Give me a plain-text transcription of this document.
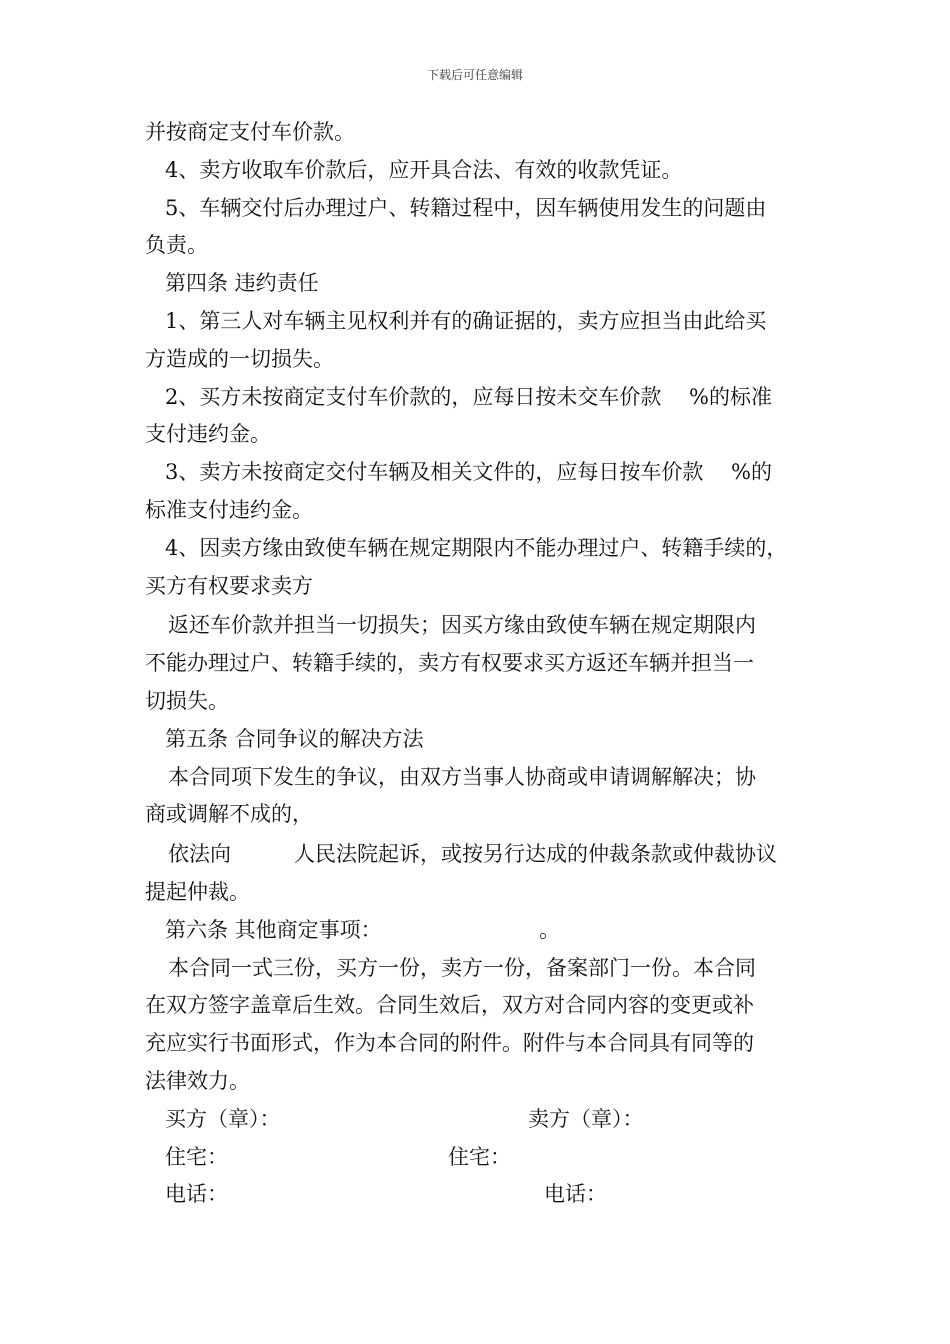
下载后可任意编辑
并按商定支付车价款。
4、卖方收取车价款后，应开具合法、有效的收款凭证。
5、车辆交付后办理过户、转籍过程中，因车辆使用发生的问题由
负责。
第四条 违约责任
1、第三人对车辆主见权利并有的确证据的，卖方应担当由此给买
方造成的一切损失。
2、买方未按商定支付车价款的，应每日按未交车价款　 %的标准
支付违约金。
3、卖方未按商定交付车辆及相关文件的，应每日按车价款　 %的
标准支付违约金。
4、因卖方缘由致使车辆在规定期限内不能办理过户、转籍手续的，
买方有权要求卖方
返还车价款并担当一切损失；因买方缘由致使车辆在规定期限内
不能办理过户、转籍手续的，卖方有权要求买方返还车辆并担当一
切损失。
第五条 合同争议的解决方法
本合同项下发生的争议，由双方当事人协商或申请调解解决；协
商或调解不成的，
依法向　　　人民法院起诉，或按另行达成的仲裁条款或仲裁协议
提起仲裁。
第六条 其他商定事项：　　　　　　　　。
本合同一式三份，买方一份，卖方一份，备案部门一份。本合同
在双方签字盖章后生效。合同生效后，双方对合同内容的变更或补
充应实行书面形式，作为本合同的附件。附件与本合同具有同等的
法律效力。
买方（章）：	卖方（章）：
住宅：	住宅：
电话：	电话：
